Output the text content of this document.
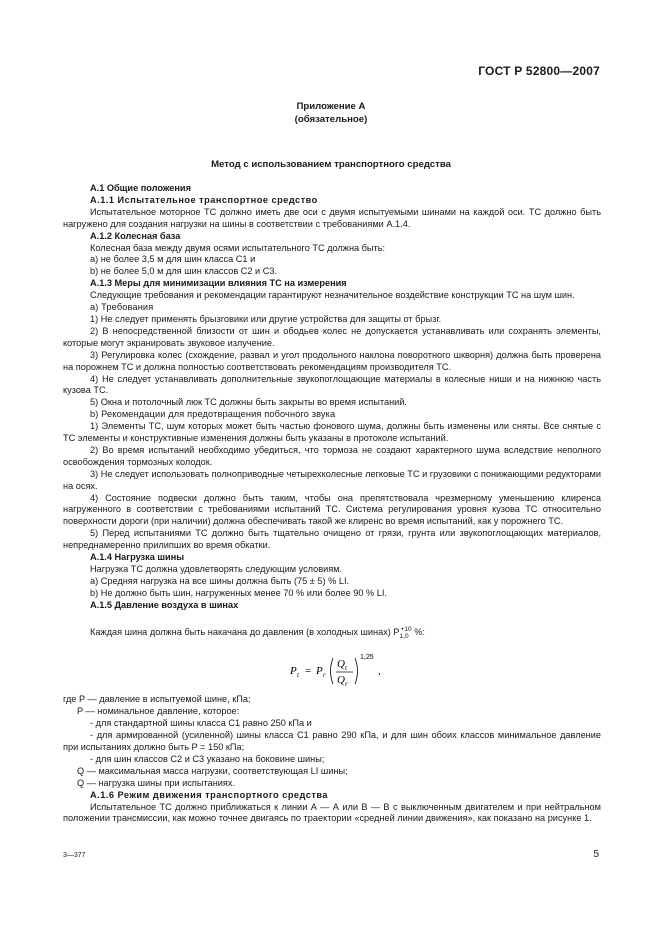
ГОСТ Р 52800—2007
Приложение А
(обязательное)
Метод с использованием транспортного средства

А.1 Общие положения

А.1.1 Испытательное транспортное средство

Испытательное моторное ТС должно иметь две оси с двумя испытуемыми шинами на каждой оси. ТС должно быть нагружено для создания нагрузки на шины в соответствии с требованиями А.1.4.

А.1.2 Колесная база

Колесная база между двумя осями испытательного ТС должна быть:

a) не более 3,5 м для шин класса С1 и

b) не более 5,0 м для шин классов С2 и С3.

А.1.3 Меры для минимизации влияния ТС на измерения

Следующие требования и рекомендации гарантируют незначительное воздействие конструкции ТС на шум шин.

a) Требования

1) Не следует применять брызговики или другие устройства для защиты от брызг.

2) В непосредственной близости от шин и ободьев колес не допускается устанавливать или сохранять элементы, которые могут экранировать звуковое излучение.

3) Регулировка колес (схождение, развал и угол продольного наклона поворотного шкворня) должна быть проверена на порожнем ТС и должна полностью соответствовать рекомендациям производителя ТС.

4) Не следует устанавливать дополнительные звукопоглощающие материалы в колесные ниши и на нижнюю часть кузова ТС.

5) Окна и потолочный люк ТС должны быть закрыты во время испытаний.

b) Рекомендации для предотвращения побочного звука

1) Элементы ТС, шум которых может быть частью фонового шума, должны быть изменены или сняты. Все снятые с ТС элементы и конструктивные изменения должны быть указаны в протоколе испытаний.

2) Во время испытаний необходимо убедиться, что тормоза не создают характерного шума вследствие неполного освобождения тормозных колодок.

3) Не следует использовать полноприводные четырехколесные легковые ТС и грузовики с понижающими редукторами на осях.

4) Состояние подвески должно быть таким, чтобы она препятствовала чрезмерному уменьшению клиренса нагруженного в соответствии с требованиями испытаний ТС. Система регулирования уровня кузова ТС относительно поверхности дороги (при наличии) должна обеспечивать такой же клиренс во время испытаний, как у порожнего ТС.

5) Перед испытаниями ТС должно быть тщательно очищено от грязи, грунта или звукопоглощающих материалов, непреднамеренно прилипших во время обкатки.

А.1.4 Нагрузка шины

Нагрузка ТС должна удовлетворять следующим условиям.

a) Средняя нагрузка на все шины должна быть (75 ± 5) % LI.

b) Не должно быть шин, нагруженных менее 70 % или более 90 % LI.

А.1.5 Давление воздуха в шинах

Каждая шина должна быть накачана до давления (в холодных шинах) $P_{1,0}^{+10}$ %:

P t = P r
Q t
Q r
1,25
,

где P — давление в испытуемой шине, кПа;

P — номинальное давление, которое:

- для стандартной шины класса С1 равно 250 кПа и

- для армированной (усиленной) шины класса С1 равно 290 кПа, и для шин обоих классов минимальное давление при испытаниях должно быть P = 150 кПа;

- для шин классов С2 и С3 указано на боковине шины;

Q — максимальная масса нагрузки, соответствующая LI шины;

Q — нагрузка шины при испытаниях.

А.1.6 Режим движения транспортного средства

Испытательное ТС должно приближаться к линии А — А или В — В с выключенным двигателем и при нейтральном положении трансмиссии, как можно точнее двигаясь по траектории «средней линии движения», как показано на рисунке 1.

3—377	5
